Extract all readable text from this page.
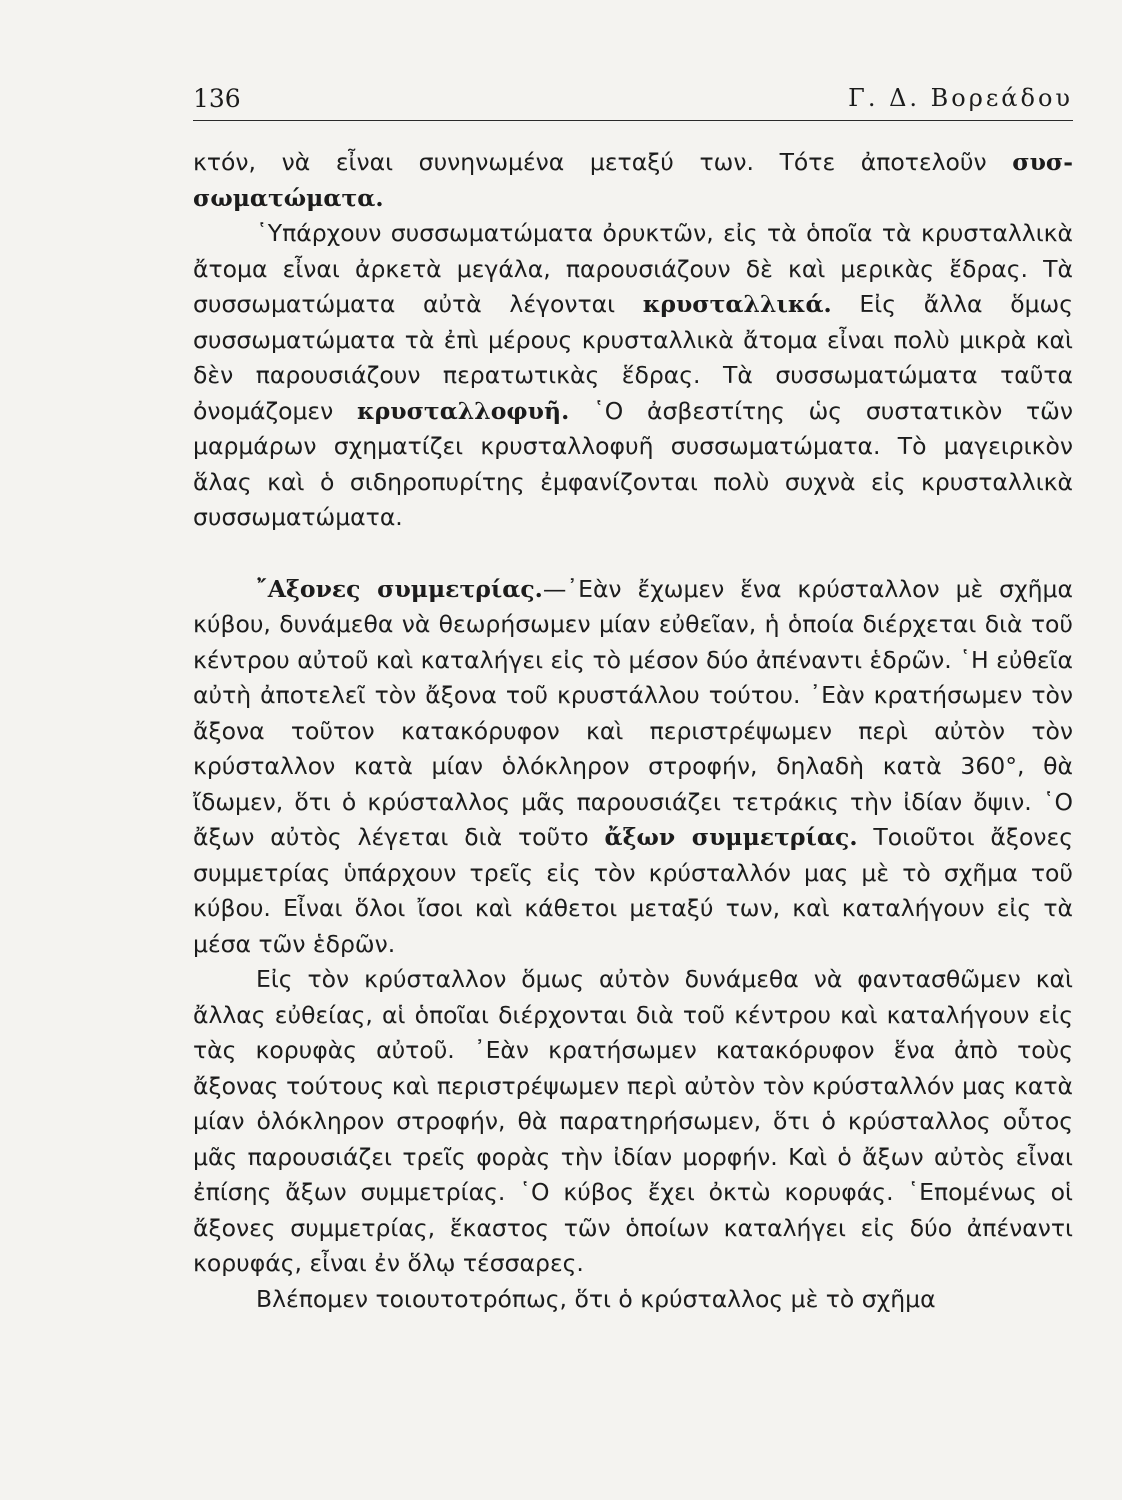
136	Γ. Δ. Βορεάδου

κτόν, νὰ εἶναι συνηνωμένα μεταξύ των. Τότε ἀποτελοῦν συσ-σωματώματα.

῾Υπάρχουν συσσωματώματα ὀρυκτῶν, εἰς τὰ ὁποῖα τὰ κρυσταλλικὰ ἄτομα εἶναι ἀρκετὰ μεγάλα, παρουσιάζουν δὲ καὶ μερικὰς ἕδρας. Τὰ συσσωματώματα αὐτὰ λέγονται κρυσταλλικά. Εἰς ἄλλα ὅμως συσσωματώματα τὰ ἐπὶ μέρους κρυσταλλικὰ ἄτομα εἶναι πολὺ μικρὰ καὶ δὲν παρουσιάζουν περατωτικὰς ἕδρας. Τὰ συσσωματώματα ταῦτα ὀνομάζομεν κρυσταλλοφυῆ. ῾Ο ἀσβεστίτης ὡς συστατικὸν τῶν μαρμάρων σχηματίζει κρυσταλλοφυῆ συσσωματώματα. Τὸ μαγειρικὸν ἅλας καὶ ὁ σιδηροπυρίτης ἐμφανίζονται πολὺ συχνὰ εἰς κρυσταλλικὰ συσσωματώματα.

῎Αξονες συμμετρίας.—᾿Εὰν ἔχωμεν ἕνα κρύσταλλον μὲ σχῆμα κύβου, δυνάμεθα νὰ θεωρήσωμεν μίαν εὐθεῖαν, ἡ ὁποία διέρχεται διὰ τοῦ κέντρου αὐτοῦ καὶ καταλήγει εἰς τὸ μέσον δύο ἀπέναντι ἑδρῶν. ῾Η εὐθεῖα αὐτὴ ἀποτελεῖ τὸν ἄξονα τοῦ κρυστάλλου τούτου. ᾿Εὰν κρατήσωμεν τὸν ἄξονα τοῦτον κατακόρυφον καὶ περιστρέψωμεν περὶ αὐτὸν τὸν κρύσταλλον κατὰ μίαν ὁλόκληρον στροφήν, δηλαδὴ κατὰ 360°, θὰ ἴδωμεν, ὅτι ὁ κρύσταλλος μᾶς παρουσιάζει τετράκις τὴν ἰδίαν ὄψιν. ῾Ο ἄξων αὐτὸς λέγεται διὰ τοῦτο ἄξων συμμετρίας. Τοιοῦτοι ἄξονες συμμετρίας ὑπάρχουν τρεῖς εἰς τὸν κρύσταλλόν μας μὲ τὸ σχῆμα τοῦ κύβου. Εἶναι ὅλοι ἴσοι καὶ κάθετοι μεταξύ των, καὶ καταλήγουν εἰς τὰ μέσα τῶν ἑδρῶν.

Εἰς τὸν κρύσταλλον ὅμως αὐτὸν δυνάμεθα νὰ φαντασθῶμεν καὶ ἄλλας εὐθείας, αἱ ὁποῖαι διέρχονται διὰ τοῦ κέντρου καὶ καταλήγουν εἰς τὰς κορυφὰς αὐτοῦ. ᾿Εὰν κρατήσωμεν κατακόρυφον ἕνα ἀπὸ τοὺς ἄξονας τούτους καὶ περιστρέψωμεν περὶ αὐτὸν τὸν κρύσταλλόν μας κατὰ μίαν ὁλόκληρον στροφήν, θὰ παρατηρήσωμεν, ὅτι ὁ κρύσταλλος οὗτος μᾶς παρουσιάζει τρεῖς φορὰς τὴν ἰδίαν μορφήν. Καὶ ὁ ἄξων αὐτὸς εἶναι ἐπίσης ἄξων συμμετρίας. ῾Ο κύβος ἔχει ὀκτὼ κορυφάς. ῾Επομένως οἱ ἄξονες συμμετρίας, ἕκαστος τῶν ὁποίων καταλήγει εἰς δύο ἀπέναντι κορυφάς, εἶναι ἐν ὅλῳ τέσσαρες.

Βλέπομεν τοιουτοτρόπως, ὅτι ὁ κρύσταλλος μὲ τὸ σχῆμα
